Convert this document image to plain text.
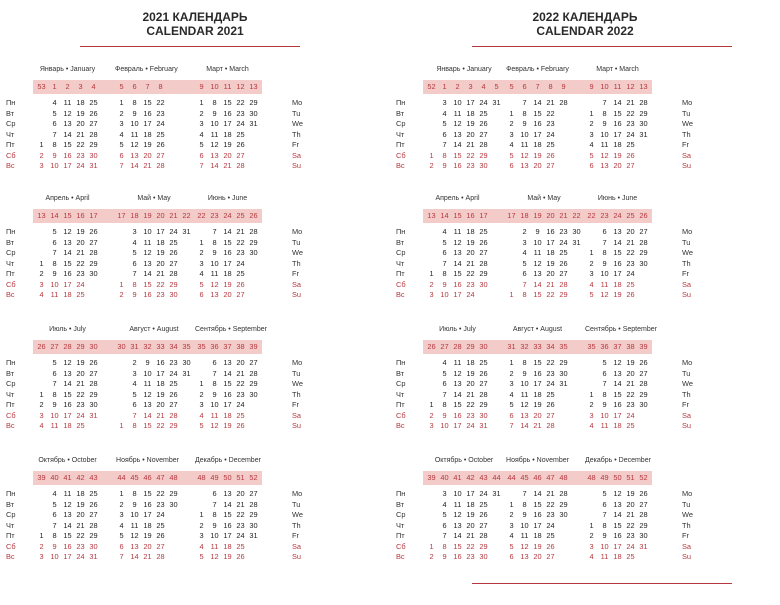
2021 КАЛЕНДАРЬ
CALENDAR 2021
Пн
Вт
Ср
Чт
Пт
Сб
Вс
Mo
Tu
We
Th
Fr
Sa
Su
Январь • January
53 1	2	3	4
4 11 18 25
5 12 19 26
6 13 20 27
7 14 21 28
1	8 15 22 29
2	9 16 23 30
3 10 17 24 31
Февраль • February
5	6	7	8
1	8 15 22
2	9 16 23
3 10 17 24
4 11 18 25
5 12 19 26
6 13 20 27
7 14 21 28
Март • March
9 10 11 12 13
1	8 15 22 29
2	9 16 23 30
3 10 17 24 31
4 11 18 25
5 12 19 26
6 13 20 27
7 14 21 28
Пн
Вт
Ср
Чт
Пт
Сб
Вс
Mo
Tu
We
Th
Fr
Sa
Su
Апрель • April
13 14 15 16 17
5 12 19 26
6 13 20 27
7 14 21 28
1	8 15 22 29
2	9 16 23 30
3 10 17 24
4 11 18 25
Май • May
17 18 19 20 21 22
3 10 17 24 31
4 11 18 25
5 12 19 26
6 13 20 27
7 14 21 28
1	8 15 22 29
2	9 16 23 30
Июнь • June
22 23 24 25 26
7 14 21 28
1	8 15 22 29
2	9 16 23 30
3 10 17 24
4 11 18 25
5 12 19 26
6 13 20 27
Пн
Вт
Ср
Чт
Пт
Сб
Вс
Mo
Tu
We
Th
Fr
Sa
Su
Июль • July
26 27 28 29 30
5 12 19 26
6 13 20 27
7 14 21 28
1	8 15 22 29
2	9 16 23 30
3 10 17 24 31
4 11 18 25
Август • August
30 31 32 33 34 35
2	9 16 23 30
3 10 17 24 31
4 11 18 25
5 12 19 26
6 13 20 27
7 14 21 28
1	8 15 22 29
Сентябрь • September
35 36 37 38 39
6 13 20 27
7 14 21 28
1	8 15 22 29
2	9 16 23 30
3 10 17 24
4 11 18 25
5 12 19 26
Пн
Вт
Ср
Чт
Пт
Сб
Вс
Mo
Tu
We
Th
Fr
Sa
Su
Октябрь • October
39 40 41 42 43
4 11 18 25
5 12 19 26
6 13 20 27
7 14 21 28
1	8 15 22 29
2	9 16 23 30
3 10 17 24 31
Ноябрь • November
44 45 46 47 48
1	8 15 22 29
2	9 16 23 30
3 10 17 24
4 11 18 25
5 12 19 26
6 13 20 27
7 14 21 28
Декабрь • December
48 49 50 51 52
6 13 20 27
7 14 21 28
1	8 15 22 29
2	9 16 23 30
3 10 17 24 31
4 11 18 25
5 12 19 26
2022 КАЛЕНДАРЬ
CALENDAR 2022
Пн
Вт
Ср
Чт
Пт
Сб
Вс
Mo
Tu
We
Th
Fr
Sa
Su
Январь • January
52 1	2	3	4	5
3 10 17 24 31
4 11 18 25
5 12 19 26
6 13 20 27
7 14 21 28
1	8 15 22 29
2	9 16 23 30
Февраль • February
5	6	7	8	9
7 14 21 28
1	8 15 22
2	9 16 23
3 10 17 24
4 11 18 25
5 12 19 26
6 13 20 27
Март • March
9 10 11 12 13
7 14 21 28
1	8 15 22 29
2	9 16 23 30
3 10 17 24 31
4 11 18 25
5 12 19 26
6 13 20 27
Пн
Вт
Ср
Чт
Пт
Сб
Вс
Mo
Tu
We
Th
Fr
Sa
Su
Апрель • April
13 14 15 16 17
4 11 18 25
5 12 19 26
6 13 20 27
7 14 21 28
1	8 15 22 29
2	9 16 23 30
3 10 17 24
Май • May
17 18 19 20 21 22
2	9 16 23 30
3 10 17 24 31
4 11 18 25
5 12 19 26
6 13 20 27
7 14 21 28
1	8 15 22 29
Июнь • June
22 23 24 25 26
6 13 20 27
7 14 21 28
1	8 15 22 29
2	9 16 23 30
3 10 17 24
4 11 18 25
5 12 19 26
Пн
Вт
Ср
Чт
Пт
Сб
Вс
Mo
Tu
We
Th
Fr
Sa
Su
Июль • July
26 27 28 29 30
4 11 18 25
5 12 19 26
6 13 20 27
7 14 21 28
1	8 15 22 29
2	9 16 23 30
3 10 17 24 31
Август • August
31 32 33 34 35
1	8 15 22 29
2	9 16 23 30
3 10 17 24 31
4 11 18 25
5 12 19 26
6 13 20 27
7 14 21 28
Сентябрь • September
35 36 37 38 39
5 12 19 26
6 13 20 27
7 14 21 28
1	8 15 22 29
2	9 16 23 30
3 10 17 24
4 11 18 25
Пн
Вт
Ср
Чт
Пт
Сб
Вс
Mo
Tu
We
Th
Fr
Sa
Su
Октябрь • October
39 40 41 42 43 44
3 10 17 24 31
4 11 18 25
5 12 19 26
6 13 20 27
7 14 21 28
1	8 15 22 29
2	9 16 23 30
Ноябрь • November
44 45 46 47 48
7 14 21 28
1	8 15 22 29
2	9 16 23 30
3 10 17 24
4 11 18 25
5 12 19 26
6 13 20 27
Декабрь • December
48 49 50 51 52
5 12 19 26
6 13 20 27
7 14 21 28
1	8 15 22 29
2	9 16 23 30
3 10 17 24 31
4 11 18 25
